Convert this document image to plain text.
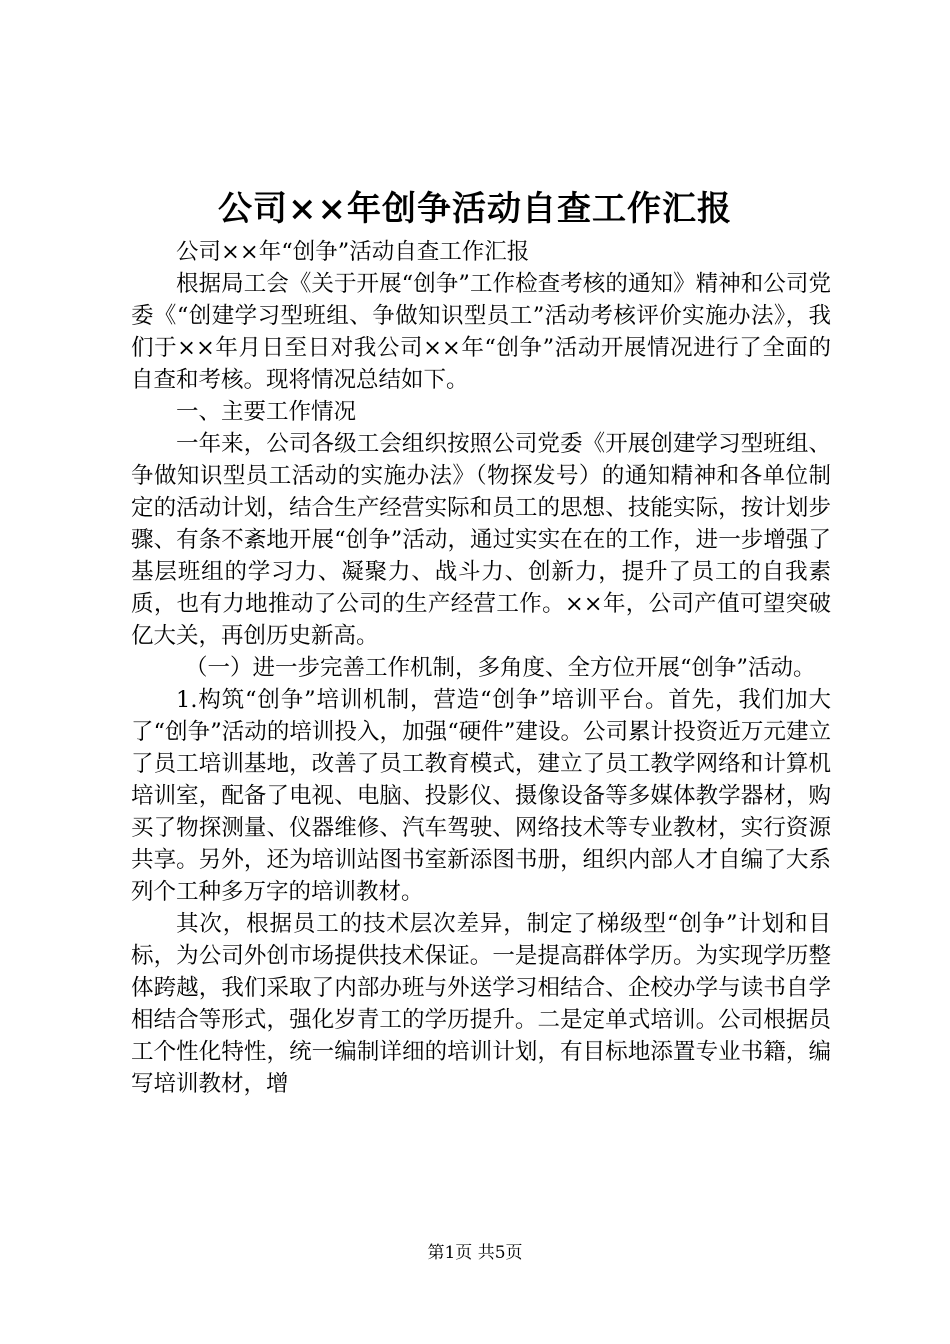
公司××年创争活动自查工作汇报

公司××年“创争”活动自查工作汇报

根据局工会《关于开展“创争”工作检查考核的通知》精神和公司党委《“创建学习型班组、争做知识型员工”活动考核评价实施办法》，我们于××年月日至日对我公司××年“创争”活动开展情况进行了全面的自查和考核。现将情况总结如下。

一、主要工作情况

一年来，公司各级工会组织按照公司党委《开展创建学习型班组、争做知识型员工活动的实施办法》（物探发号）的通知精神和各单位制定的活动计划，结合生产经营实际和员工的思想、技能实际，按计划步骤、有条不紊地开展“创争”活动，通过实实在在的工作，进一步增强了基层班组的学习力、凝聚力、战斗力、创新力，提升了员工的自我素质，也有力地推动了公司的生产经营工作。××年，公司产值可望突破亿大关，再创历史新高。

（一）进一步完善工作机制，多角度、全方位开展“创争”活动。

1.构筑“创争”培训机制，营造“创争”培训平台。首先，我们加大了“创争”活动的培训投入，加强“硬件”建设。公司累计投资近万元建立了员工培训基地，改善了员工教育模式，建立了员工教学网络和计算机培训室，配备了电视、电脑、投影仪、摄像设备等多媒体教学器材，购买了物探测量、仪器维修、汽车驾驶、网络技术等专业教材，实行资源共享。另外，还为培训站图书室新添图书册，组织内部人才自编了大系列个工种多万字的培训教材。

其次，根据员工的技术层次差异，制定了梯级型“创争”计划和目标，为公司外创市场提供技术保证。一是提高群体学历。为实现学历整体跨越，我们采取了内部办班与外送学习相结合、企校办学与读书自学相结合等形式，强化岁青工的学历提升。二是定单式培训。公司根据员工个性化特性，统一编制详细的培训计划，有目标地添置专业书籍，编写培训教材，增

第1页 共5页
